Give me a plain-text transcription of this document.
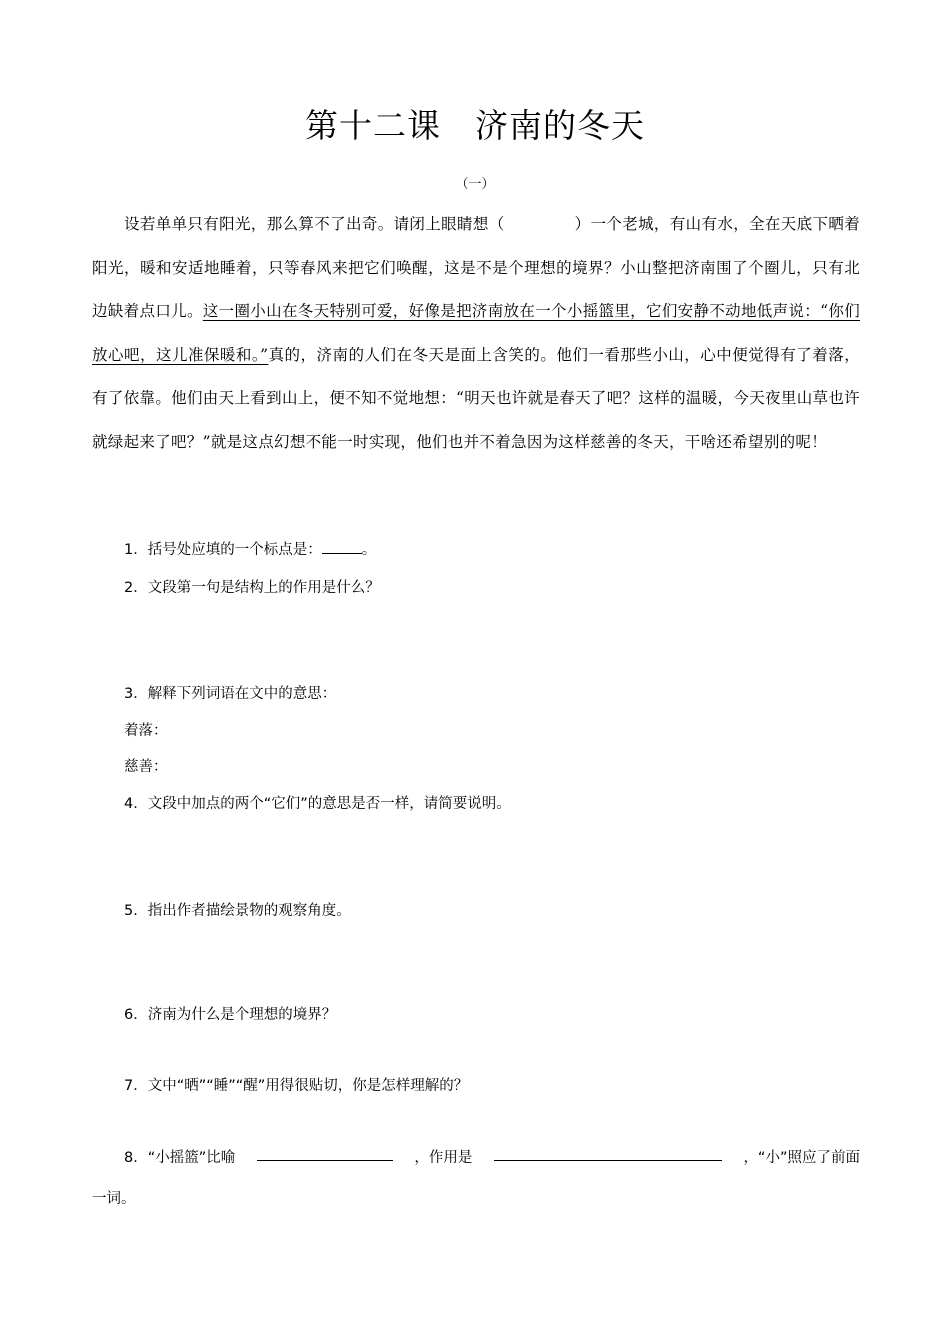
第十二课　济南的冬天
（一）
设若单单只有阳光，那么算不了出奇。请闭上眼睛想（	）一个老城，有山有水，全在天底下晒着阳光，暖和安适地睡着，只等春风来把它们唤醒，这是不是个理想的境界？小山整把济南围了个圈儿，只有北边缺着点口儿。这一圈小山在冬天特别可爱，好像是把济南放在一个小摇篮里，它们安静不动地低声说：“你们放心吧，这儿准保暖和。”真的，济南的人们在冬天是面上含笑的。他们一看那些小山，心中便觉得有了着落，有了依靠。他们由天上看到山上，便不知不觉地想：“明天也许就是春天了吧？这样的温暖，今天夜里山草也许就绿起来了吧？”就是这点幻想不能一时实现，他们也并不着急因为这样慈善的冬天，干啥还希望别的呢！
1．括号处应填的一个标点是：	。
2．文段第一句是结构上的作用是什么？
3．解释下列词语在文中的意思：
着落：
慈善：
4．文段中加点的两个“它们”的意思是否一样，请简要说明。
5．指出作者描绘景物的观察角度。
6．济南为什么是个理想的境界？
7．文中“晒”“睡”“醒”用得很贴切，你是怎样理解的？
8．“小摇篮”比喻	，作用是	，“小”照应了前面
一词。
